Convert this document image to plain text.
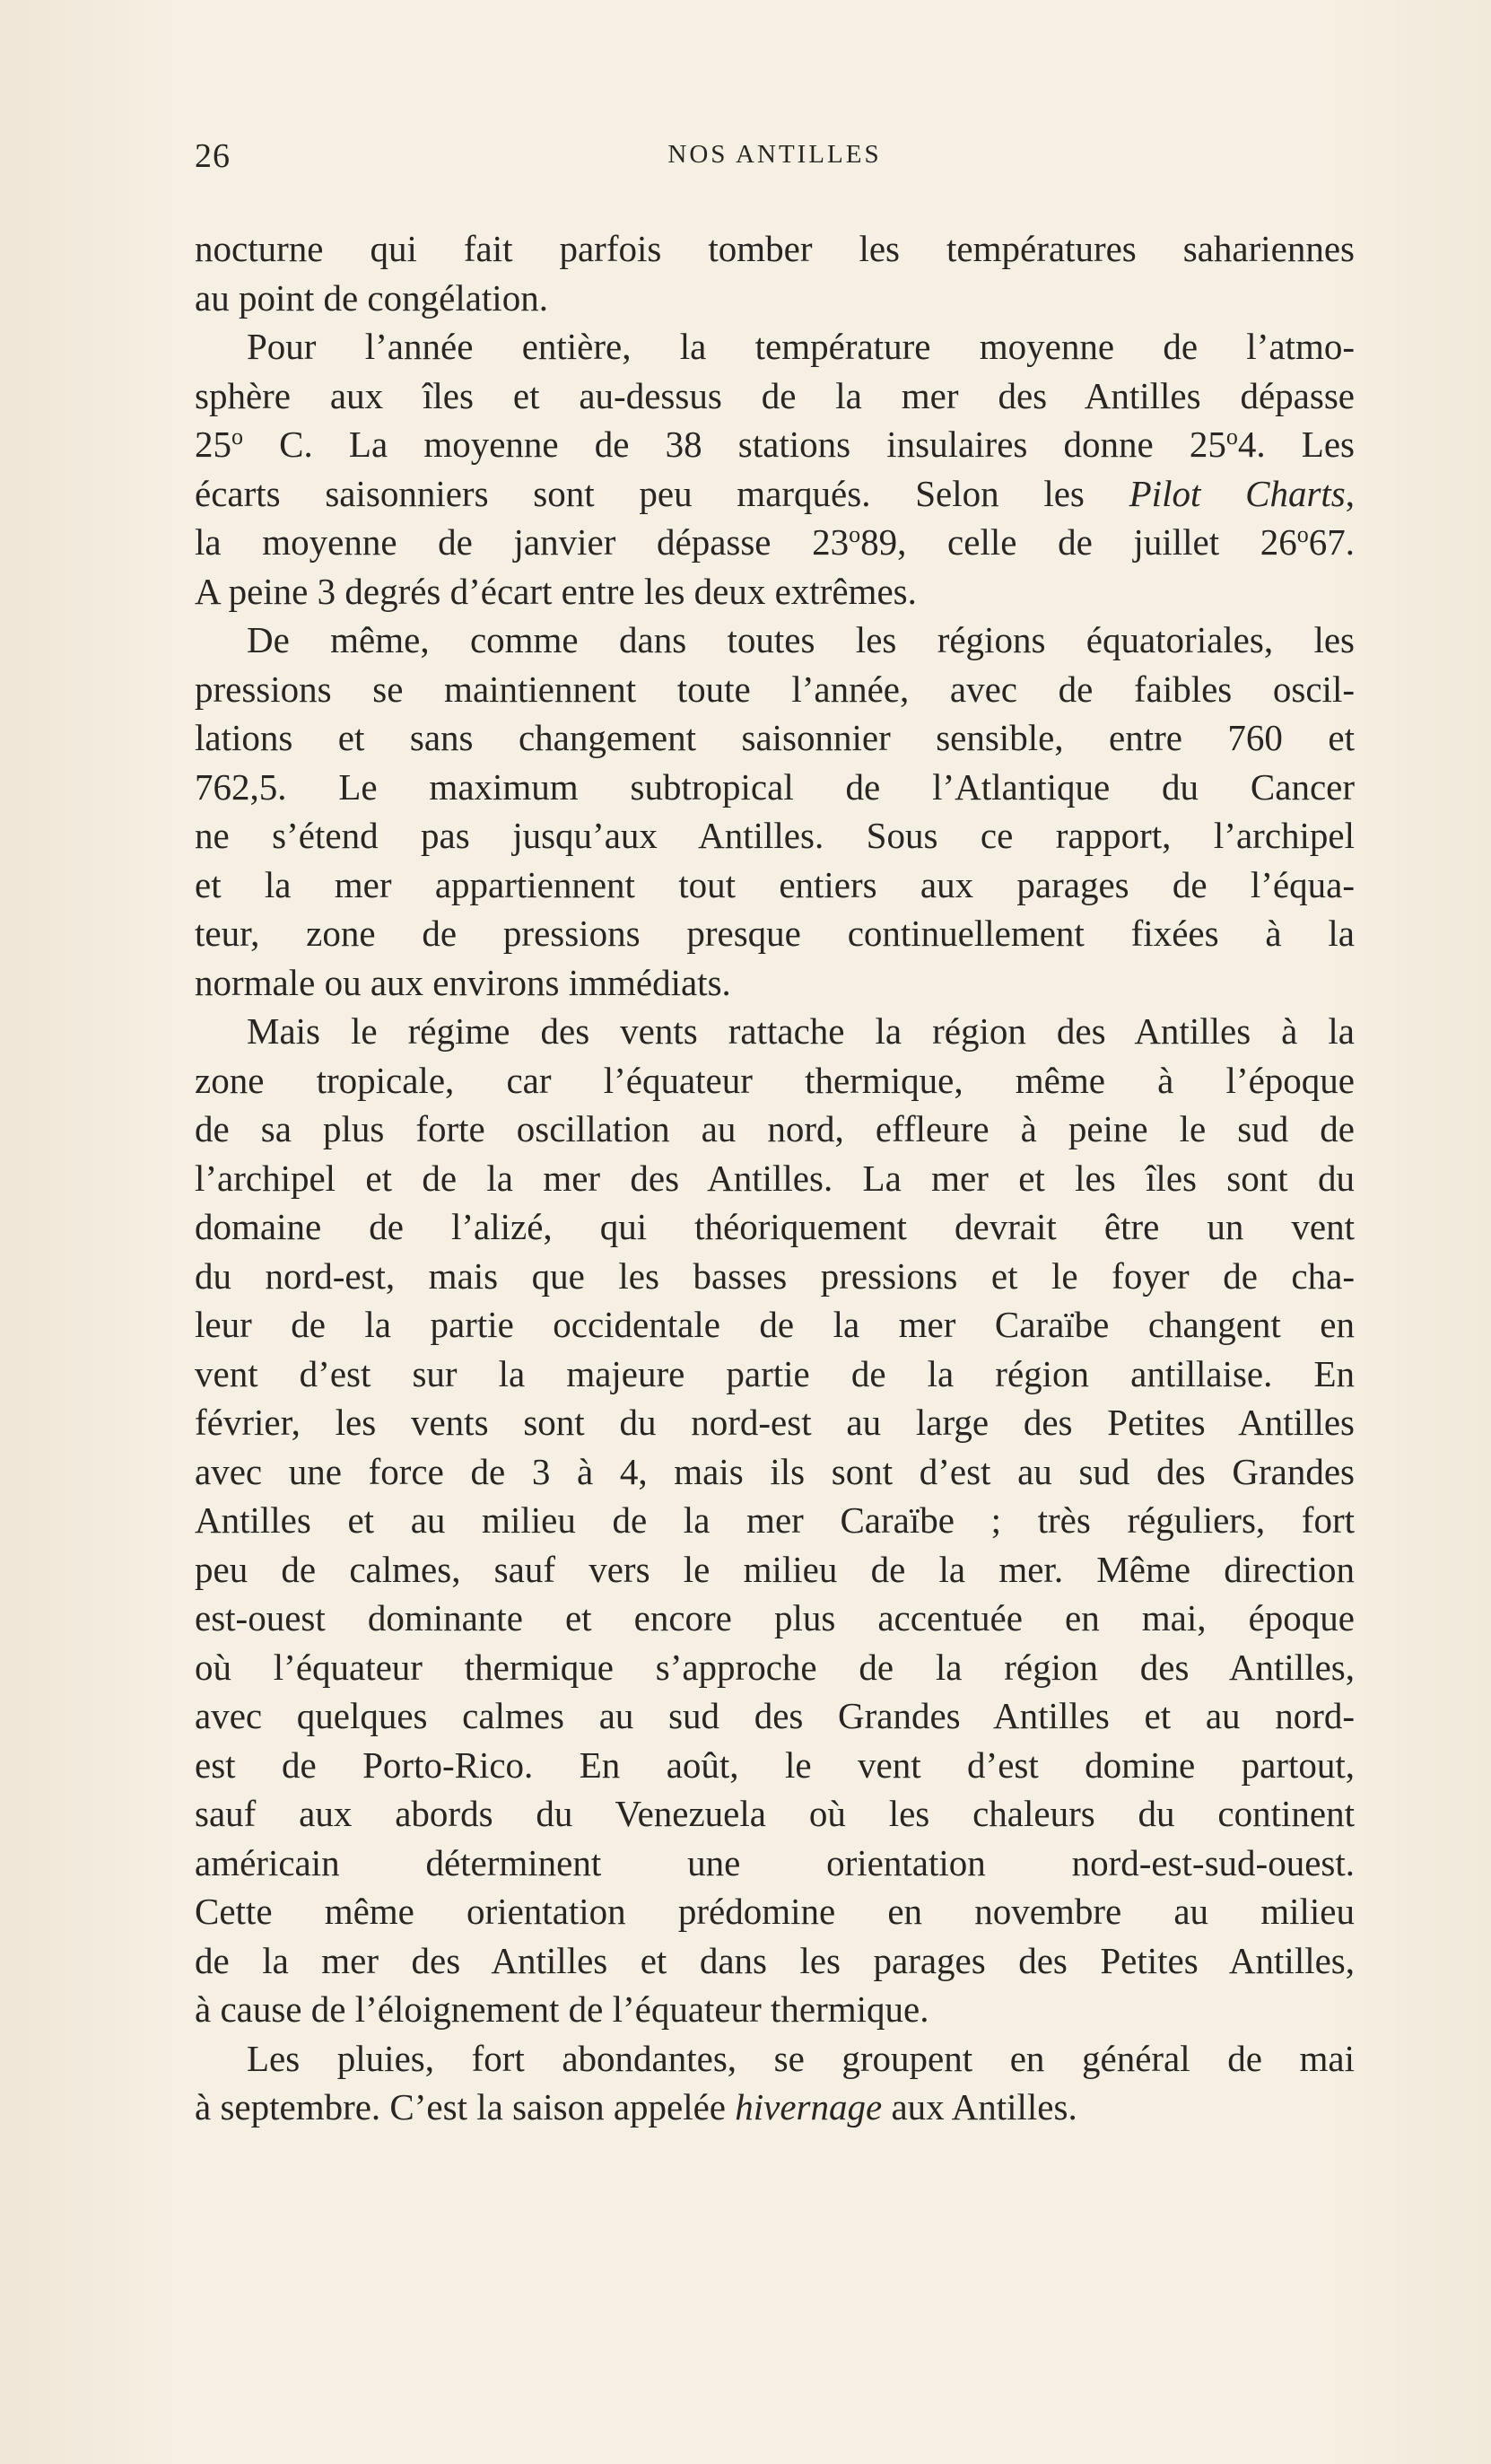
26	NOS ANTILLES
nocturne qui fait parfois tomber les températures sahariennes
au point de congélation.
Pour l’année entière, la température moyenne de l’atmo-
sphère aux îles et au-dessus de la mer des Antilles dépasse
25$^o$ C. La moyenne de 38 stations insulaires donne 25$^o$4. Les
écarts saisonniers sont peu marqués. Selon les Pilot Charts,
la moyenne de janvier dépasse 23$^o$89, celle de juillet 26$^o$67.
A peine 3 degrés d’écart entre les deux extrêmes.
De même, comme dans toutes les régions équatoriales, les
pressions se maintiennent toute l’année, avec de faibles oscil-
lations et sans changement saisonnier sensible, entre 760 et
762,5. Le maximum subtropical de l’Atlantique du Cancer
ne s’étend pas jusqu’aux Antilles. Sous ce rapport, l’archipel
et la mer appartiennent tout entiers aux parages de l’équa-
teur, zone de pressions presque continuellement fixées à la
normale ou aux environs immédiats.
Mais le régime des vents rattache la région des Antilles à la
zone tropicale, car l’équateur thermique, même à l’époque
de sa plus forte oscillation au nord, effleure à peine le sud de
l’archipel et de la mer des Antilles. La mer et les îles sont du
domaine de l’alizé, qui théoriquement devrait être un vent
du nord-est, mais que les basses pressions et le foyer de cha-
leur de la partie occidentale de la mer Caraïbe changent en
vent d’est sur la majeure partie de la région antillaise. En
février, les vents sont du nord-est au large des Petites Antilles
avec une force de 3 à 4, mais ils sont d’est au sud des Grandes
Antilles et au milieu de la mer Caraïbe ; très réguliers, fort
peu de calmes, sauf vers le milieu de la mer. Même direction
est-ouest dominante et encore plus accentuée en mai, époque
où l’équateur thermique s’approche de la région des Antilles,
avec quelques calmes au sud des Grandes Antilles et au nord-
est de Porto-Rico. En août, le vent d’est domine partout,
sauf aux abords du Venezuela où les chaleurs du continent
américain déterminent une orientation nord-est-sud-ouest.
Cette même orientation prédomine en novembre au milieu
de la mer des Antilles et dans les parages des Petites Antilles,
à cause de l’éloignement de l’équateur thermique.
Les pluies, fort abondantes, se groupent en général de mai
à septembre. C’est la saison appelée hivernage aux Antilles.
